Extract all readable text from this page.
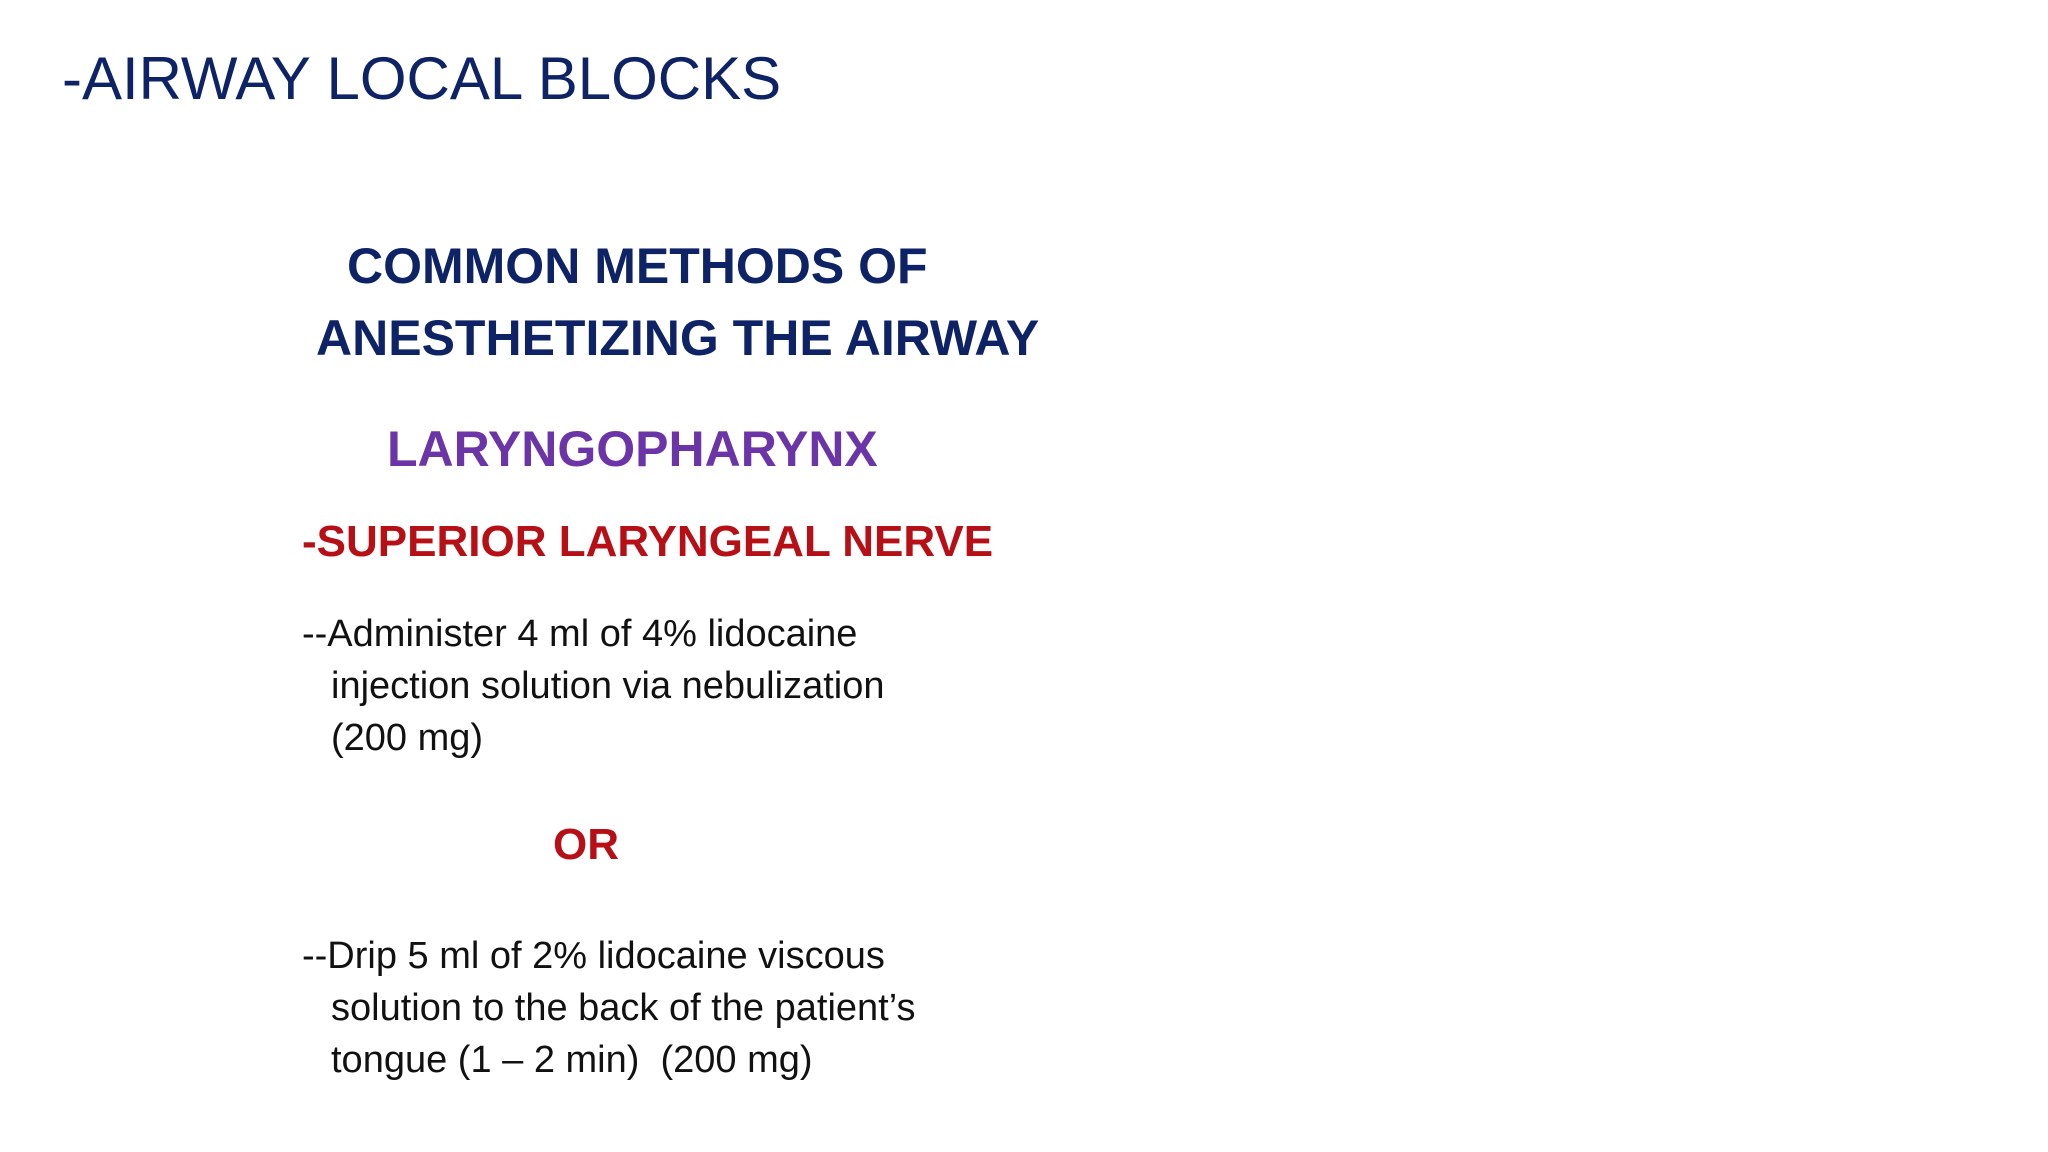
-AIRWAY LOCAL BLOCKS
COMMON METHODS OF
ANESTHETIZING THE AIRWAY
LARYNGOPHARYNX
-SUPERIOR LARYNGEAL NERVE
--Administer 4 ml of 4% lidocaine
injection solution via nebulization
(200 mg)
OR
--Drip 5 ml of 2% lidocaine viscous
solution to the back of the patient’s
tongue (1 – 2 min)  (200 mg)
